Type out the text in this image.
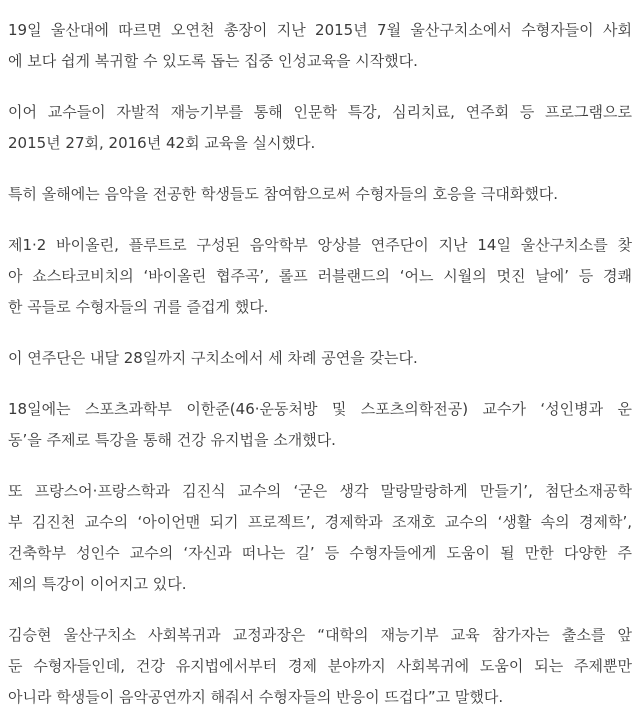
19일 울산대에 따르면 오연천 총장이 지난 2015년 7월 울산구치소에서 수형자들이 사회
에 보다 쉽게 복귀할 수 있도록 돕는 집중 인성교육을 시작했다.

이어 교수들이 자발적 재능기부를 통해 인문학 특강, 심리치료, 연주회 등 프로그램으로
2015년 27회, 2016년 42회 교육을 실시했다.

특히 올해에는 음악을 전공한 학생들도 참여함으로써 수형자들의 호응을 극대화했다.

제1·2 바이올린, 플루트로 구성된 음악학부 앙상블 연주단이 지난 14일 울산구치소를 찾
아 쇼스타코비치의 ‘바이올린 협주곡’, 롤프 러블랜드의 ‘어느 시월의 멋진 날에’ 등 경쾌
한 곡들로 수형자들의 귀를 즐겁게 했다.

이 연주단은 내달 28일까지 구치소에서 세 차례 공연을 갖는다.

18일에는 스포츠과학부 이한준(46·운동처방 및 스포츠의학전공) 교수가 ‘성인병과 운
동’을 주제로 특강을 통해 건강 유지법을 소개했다.

또 프랑스어·프랑스학과 김진식 교수의 ‘굳은 생각 말랑말랑하게 만들기’, 첨단소재공학
부 김진천 교수의 ‘아이언맨 되기 프로젝트’, 경제학과 조재호 교수의 ‘생활 속의 경제학’,
건축학부 성인수 교수의 ‘자신과 떠나는 길’ 등 수형자들에게 도움이 될 만한 다양한 주
제의 특강이 이어지고 있다.

김승현 울산구치소 사회복귀과 교정과장은 “대학의 재능기부 교육 참가자는 출소를 앞
둔 수형자들인데, 건강 유지법에서부터 경제 분야까지 사회복귀에 도움이 되는 주제뿐만
아니라 학생들이 음악공연까지 해줘서 수형자들의 반응이 뜨겁다”고 말했다.
